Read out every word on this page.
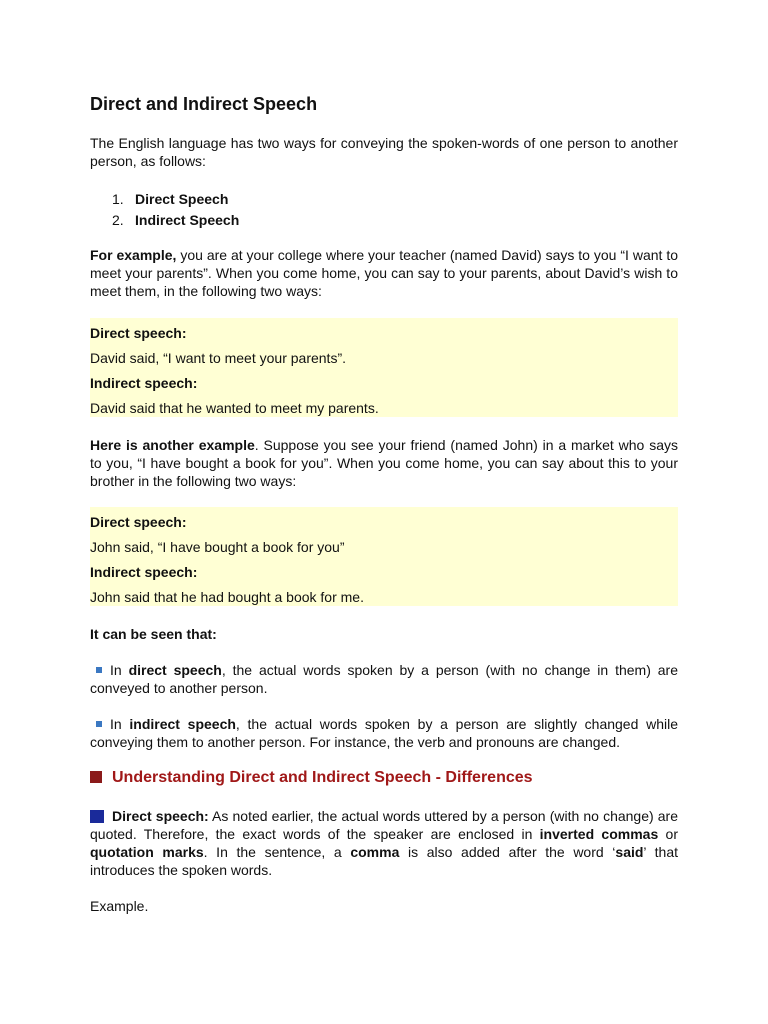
Direct and Indirect Speech

The English language has two ways for conveying the spoken-words of one person to another person, as follows:

1. Direct Speech
2. Indirect Speech

For example, you are at your college where your teacher (named David) says to you “I want to meet your parents”. When you come home, you can say to your parents, about David’s wish to meet them, in the following two ways:

Direct speech:
David said, “I want to meet your parents”.
Indirect speech:
David said that he wanted to meet my parents.

Here is another example. Suppose you see your friend (named John) in a market who says to you, “I have bought a book for you”. When you come home, you can say about this to your brother in the following two ways:

Direct speech:
John said, “I have bought a book for you”
Indirect speech:
John said that he had bought a book for me.

It can be seen that:

In direct speech, the actual words spoken by a person (with no change in them) are conveyed to another person.

In indirect speech, the actual words spoken by a person are slightly changed while conveying them to another person. For instance, the verb and pronouns are changed.

Understanding Direct and Indirect Speech - Differences

Direct speech: As noted earlier, the actual words uttered by a person (with no change) are quoted. Therefore, the exact words of the speaker are enclosed in inverted commas or quotation marks. In the sentence, a comma is also added after the word ‘said’ that introduces the spoken words.

Example.
